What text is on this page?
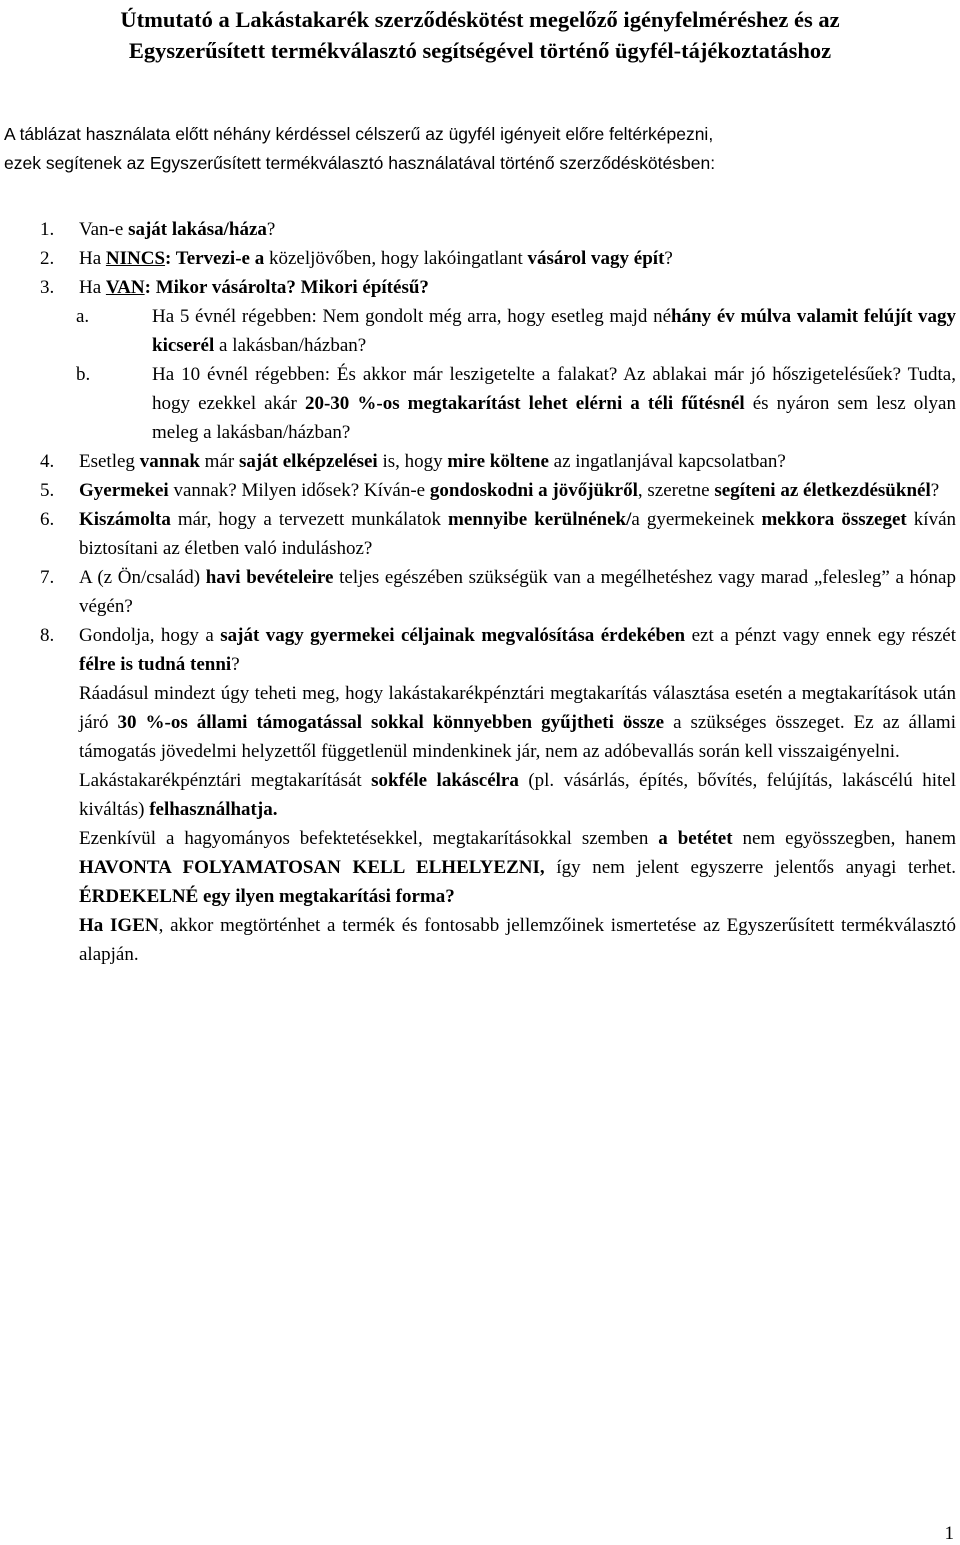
Útmutató a Lakástakarék szerződéskötést megelőző igényfelméréshez és az
Egyszerűsített termékválasztó segítségével történő ügyfél-tájékoztatáshoz
A táblázat használata előtt néhány kérdéssel célszerű az ügyfél igényeit előre feltérképezni,
ezek segítenek az Egyszerűsített termékválasztó használatával történő szerződéskötésben:
1. Van-e saját lakása/háza?
2. Ha NINCS: Tervezi-e a közeljövőben, hogy lakóingatlant vásárol vagy épít?
3. Ha VAN: Mikor vásárolta? Mikori építésű?
a.	Ha 5 évnél régebben: Nem gondolt még arra, hogy esetleg majd néhány év múlva valamit felújít vagy kicserél a lakásban/házban?
b.	Ha 10 évnél régebben: És akkor már leszigetelte a falakat? Az ablakai már jó hőszigetelésűek? Tudta, hogy ezekkel akár 20-30 %-os megtakarítást lehet elérni a téli fűtésnél és nyáron sem lesz olyan meleg a lakásban/házban?
4. Esetleg vannak már saját elképzelései is, hogy mire költene az ingatlanjával kapcsolatban?
5. Gyermekei vannak? Milyen idősek? Kíván-e gondoskodni a jövőjükről, szeretne segíteni az életkezdésüknél?
6. Kiszámolta már, hogy a tervezett munkálatok mennyibe kerülnének/a gyermekeinek mekkora összeget kíván biztosítani az életben való induláshoz?
7. A (z Ön/család) havi bevételeire teljes egészében szükségük van a megélhetéshez vagy marad „felesleg” a hónap végén?
8. Gondolja, hogy a saját vagy gyermekei céljainak megvalósítása érdekében ezt a pénzt vagy ennek egy részét félre is tudná tenni?
Ráadásul mindezt úgy teheti meg, hogy lakástakarékpénztári megtakarítás választása esetén a megtakarítások után járó 30 %-os állami támogatással sokkal könnyebben gyűjtheti össze a szükséges összeget. Ez az állami támogatás jövedelmi helyzettől függetlenül mindenkinek jár, nem az adóbevallás során kell visszaigényelni.
Lakástakarékpénztári megtakarítását sokféle lakáscélra (pl. vásárlás, építés, bővítés, felújítás, lakáscélú hitel kiváltás) felhasználhatja.
Ezenkívül a hagyományos befektetésekkel, megtakarításokkal szemben a betétet nem egyösszegben, hanem HAVONTA FOLYAMATOSAN KELL ELHELYEZNI, így nem jelent egyszerre jelentős anyagi terhet. ÉRDEKELNÉ egy ilyen megtakarítási forma?
Ha IGEN, akkor megtörténhet a termék és fontosabb jellemzőinek ismertetése az Egyszerűsített termékválasztó alapján.
1
